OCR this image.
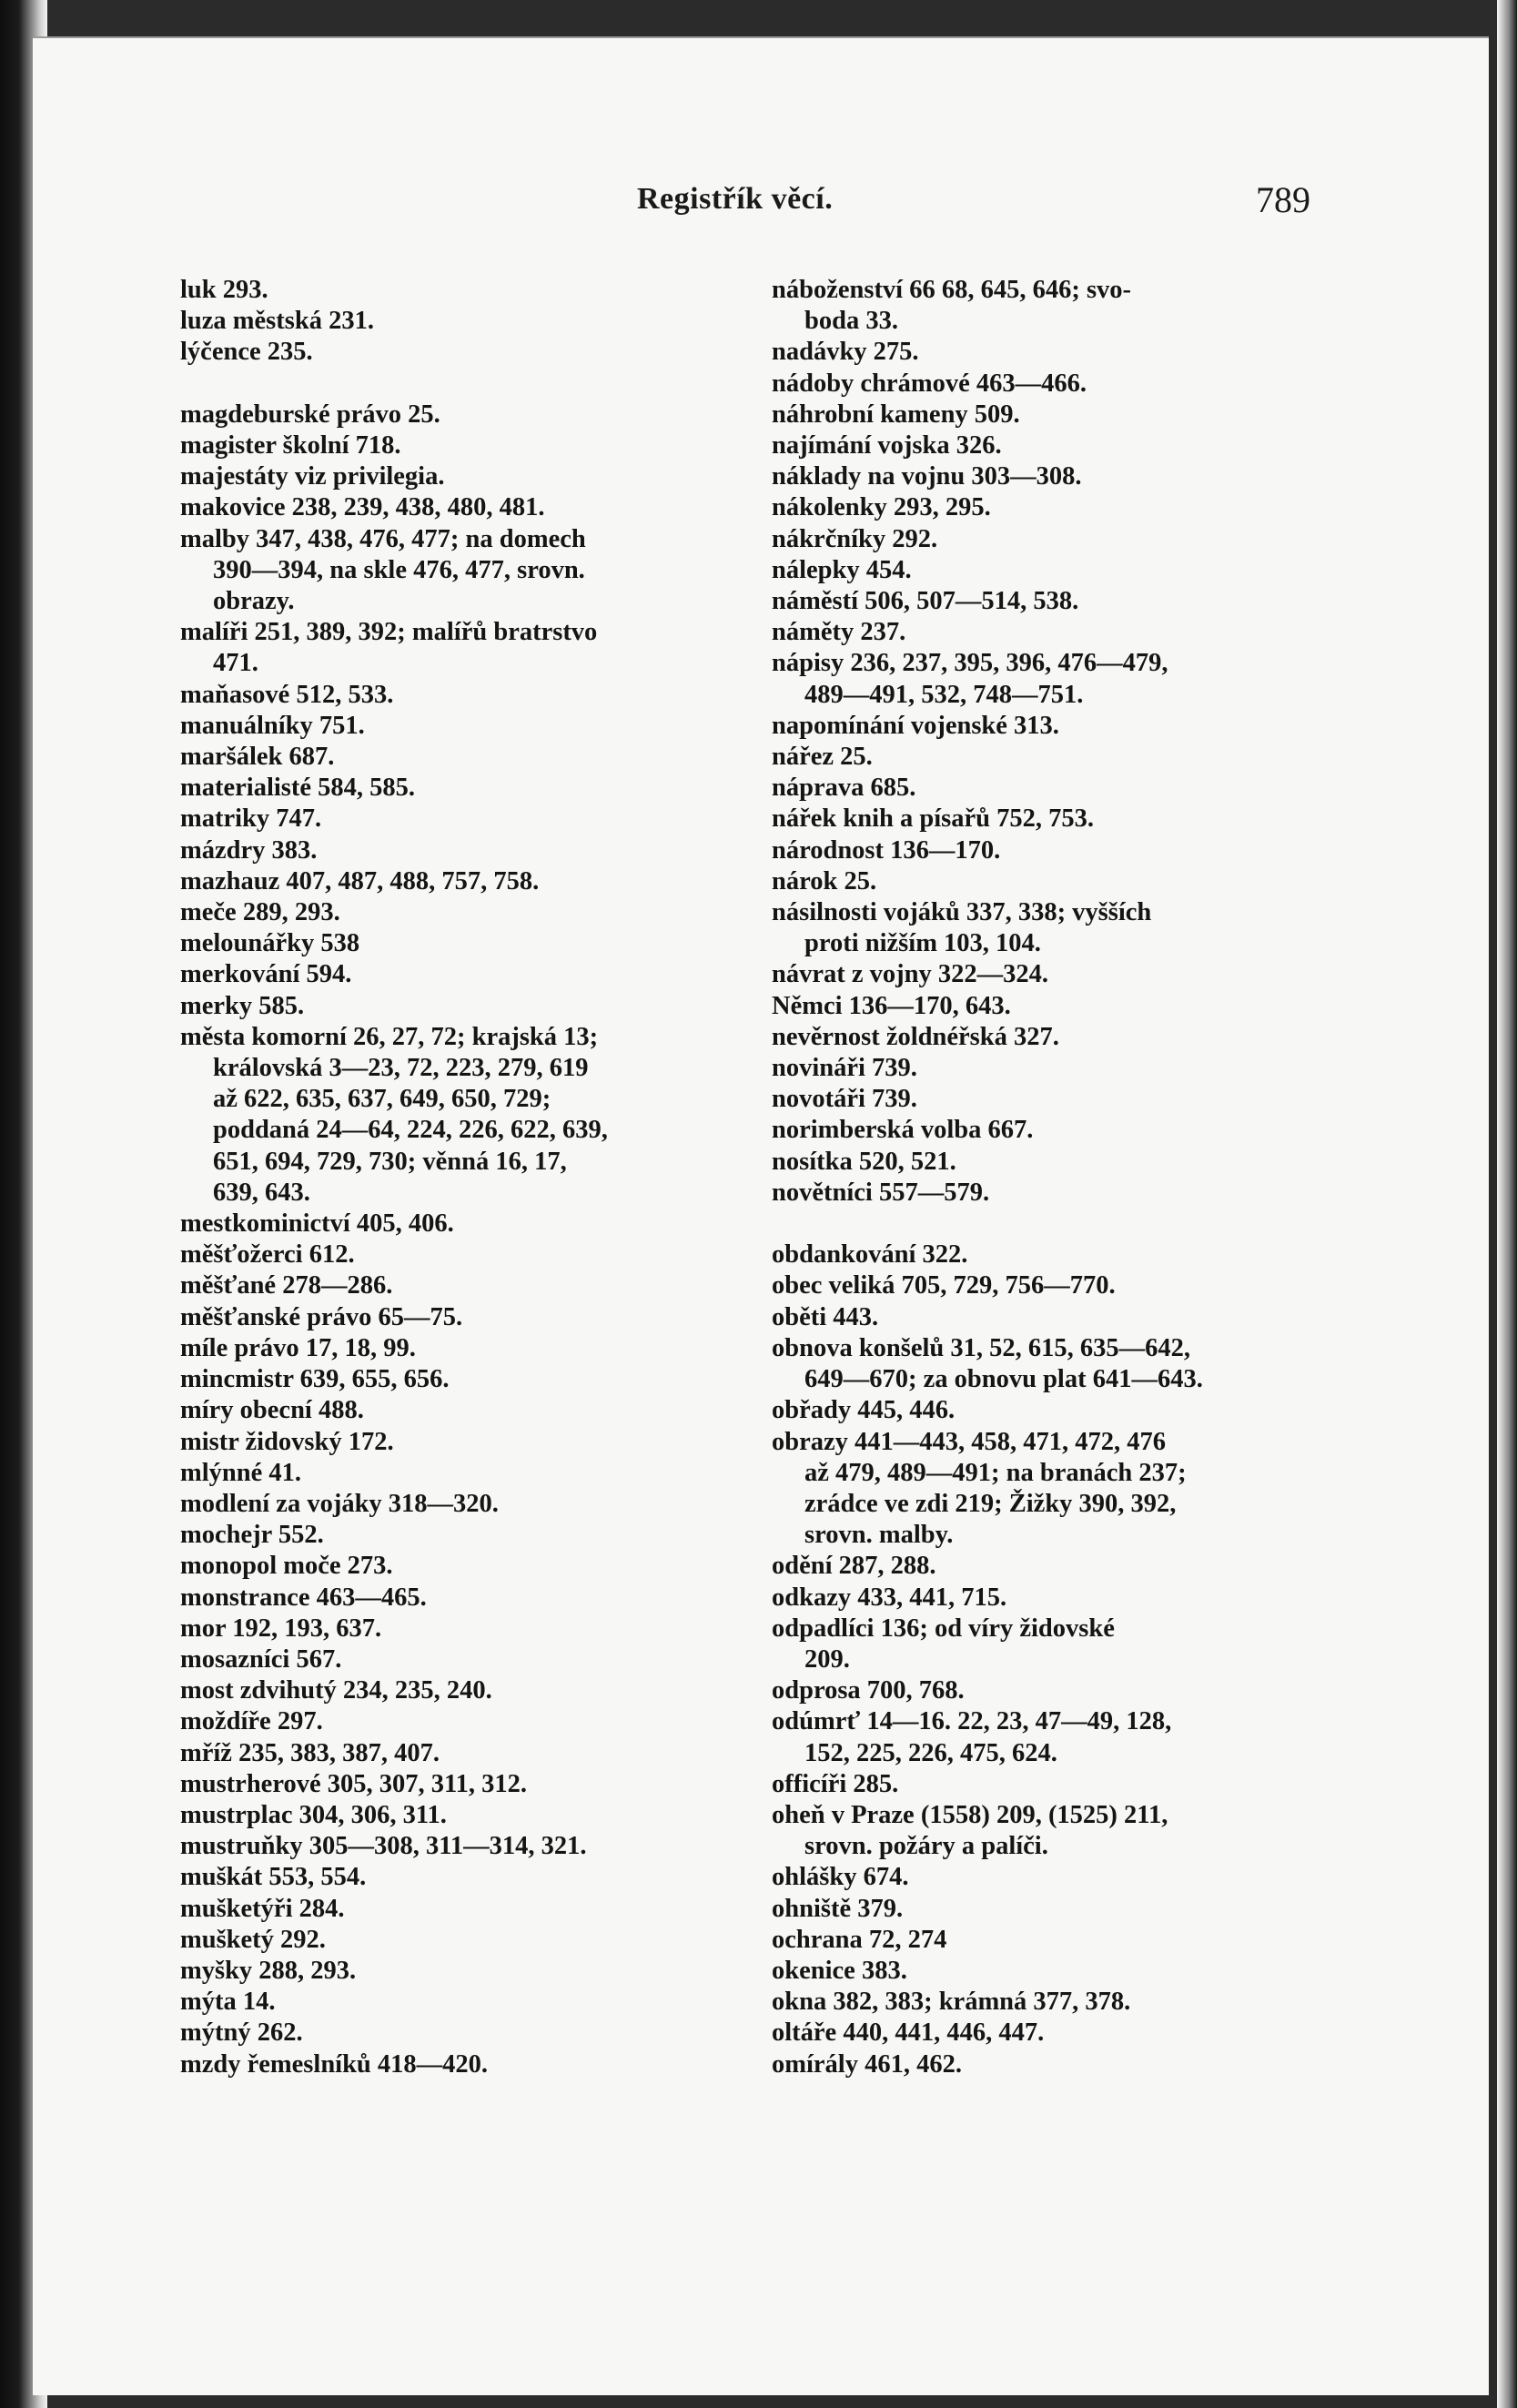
Registřík věcí.	789
luk 293.
luza městská 231.
lýčence 235.
magdeburské právo 25.
magister školní 718.
majestáty viz privilegia.
makovice 238, 239, 438, 480, 481.
malby 347, 438, 476, 477; na domech
390—394, na skle 476, 477, srovn.
obrazy.
malíři 251, 389, 392; malířů bratrstvo
471.
maňasové 512, 533.
manuálníky 751.
maršálek 687.
materialisté 584, 585.
matriky 747.
mázdry 383.
mazhauz 407, 487, 488, 757, 758.
meče 289, 293.
melounářky 538
merkování 594.
merky 585.
města komorní 26, 27, 72; krajská 13;
královská 3—23, 72, 223, 279, 619
až 622, 635, 637, 649, 650, 729;
poddaná 24—64, 224, 226, 622, 639,
651, 694, 729, 730; věnná 16, 17,
639, 643.
mestkominictví 405, 406.
měšťožerci 612.
měšťané 278—286.
měšťanské právo 65—75.
míle právo 17, 18, 99.
mincmistr 639, 655, 656.
míry obecní 488.
mistr židovský 172.
mlýnné 41.
modlení za vojáky 318—320.
mochejr 552.
monopol moče 273.
monstrance 463—465.
mor 192, 193, 637.
mosazníci 567.
most zdvihutý 234, 235, 240.
moždíře 297.
mříž 235, 383, 387, 407.
mustrherové 305, 307, 311, 312.
mustrplac 304, 306, 311.
mustruňky 305—308, 311—314, 321.
muškát 553, 554.
mušketýři 284.
mušketý 292.
myšky 288, 293.
mýta 14.
mýtný 262.
mzdy řemeslníků 418—420.
náboženství 66 68, 645, 646; svo-
boda 33.
nadávky 275.
nádoby chrámové 463—466.
náhrobní kameny 509.
najímání vojska 326.
náklady na vojnu 303—308.
nákolenky 293, 295.
nákrčníky 292.
nálepky 454.
náměstí 506, 507—514, 538.
náměty 237.
nápisy 236, 237, 395, 396, 476—479,
489—491, 532, 748—751.
napomínání vojenské 313.
nářez 25.
náprava 685.
nářek knih a písařů 752, 753.
národnost 136—170.
nárok 25.
násilnosti vojáků 337, 338; vyšších
proti nižším 103, 104.
návrat z vojny 322—324.
Němci 136—170, 643.
nevěrnost žoldnéřská 327.
novináři 739.
novotáři 739.
norimberská volba 667.
nosítka 520, 521.
novětníci 557—579.
obdankování 322.
obec veliká 705, 729, 756—770.
oběti 443.
obnova konšelů 31, 52, 615, 635—642,
649—670; za obnovu plat 641—643.
obřady 445, 446.
obrazy 441—443, 458, 471, 472, 476
až 479, 489—491; na branách 237;
zrádce ve zdi 219; Žižky 390, 392,
srovn. malby.
odění 287, 288.
odkazy 433, 441, 715.
odpadlíci 136; od víry židovské
209.
odprosa 700, 768.
odúmrť 14—16. 22, 23, 47—49, 128,
152, 225, 226, 475, 624.
officíři 285.
oheň v Praze (1558) 209, (1525) 211,
srovn. požáry a palíči.
ohlášky 674.
ohniště 379.
ochrana 72, 274
okenice 383.
okna 382, 383; krámná 377, 378.
oltáře 440, 441, 446, 447.
omírály 461, 462.
